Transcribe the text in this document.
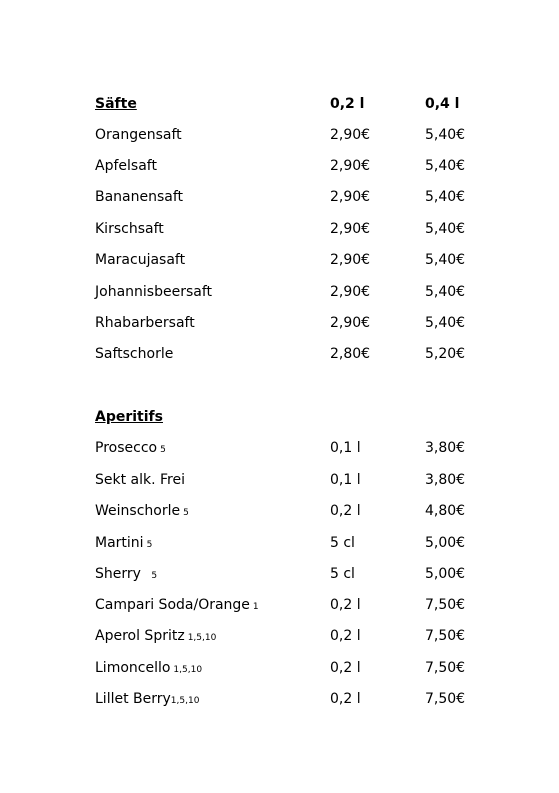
Säfte	0,2 l	0,4 l
Orangensaft	2,90€	5,40€
Apfelsaft	2,90€	5,40€
Bananensaft	2,90€	5,40€
Kirschsaft	2,90€	5,40€
Maracujasaft	2,90€	5,40€
Johannisbeersaft	2,90€	5,40€
Rhabarbersaft	2,90€	5,40€
Saftschorle	2,80€	5,20€
Aperitifs
Prosecco 5	0,1 l	3,80€
Sekt alk. Frei	0,1 l	3,80€
Weinschorle 5	0,2 l	4,80€
Martini 5	5 cl	5,00€
Sherry 5	5 cl	5,00€
Campari Soda/Orange 1	0,2 l	7,50€
Aperol Spritz 1,5,10	0,2 l	7,50€
Limoncello 1,5,10	0,2 l	7,50€
Lillet Berry1,5,10	0,2 l	7,50€
